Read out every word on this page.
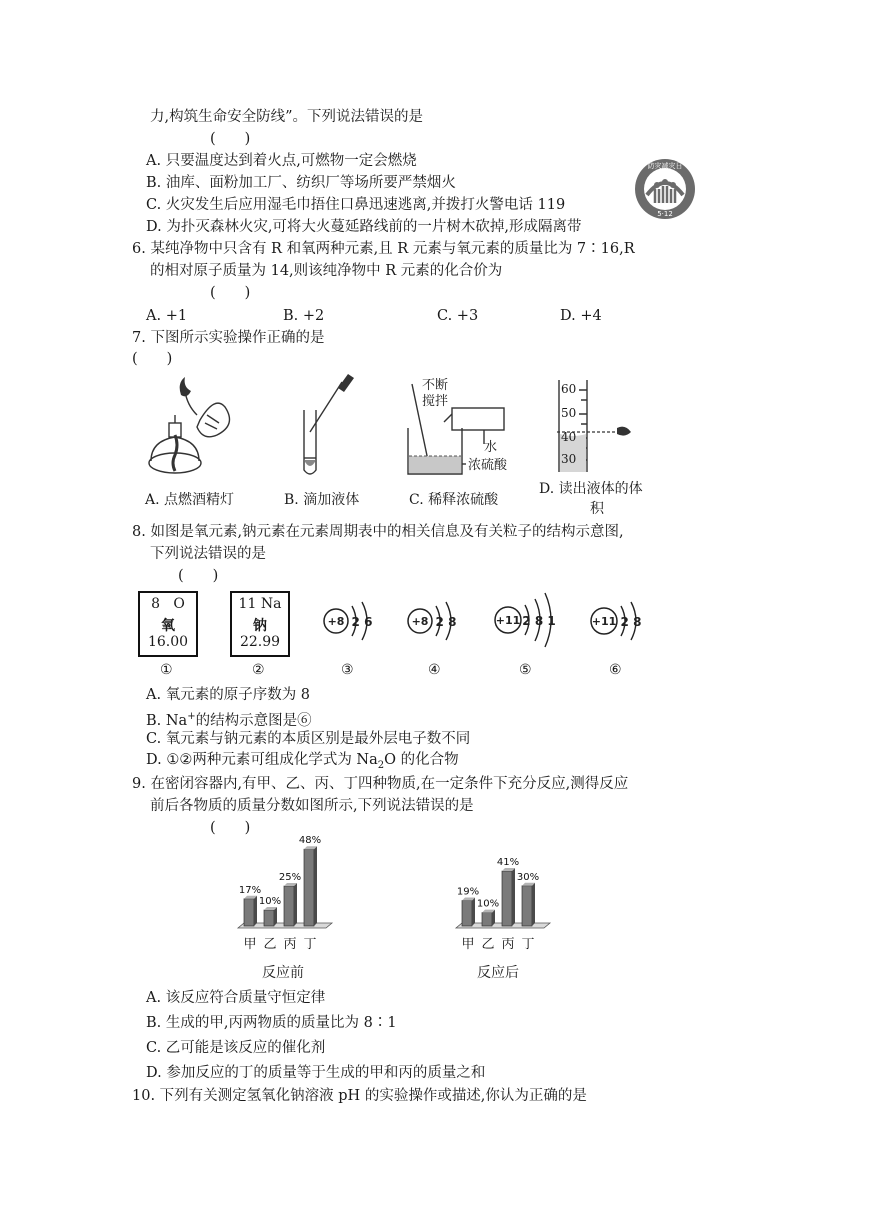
力,构筑生命安全防线”。下列说法错误的是
(　　)
A. 只要温度达到着火点,可燃物一定会燃烧
B. 油库、面粉加工厂、纺织厂等场所要严禁烟火
C. 火灾发生后应用湿毛巾捂住口鼻迅速逃离,并拨打火警电话 119
D. 为扑灭森林火灾,可将大火蔓延路线前的一片树木砍掉,形成隔离带
防灾减灾日
5·12
6. 某纯净物中只含有 R 和氧两种元素,且 R 元素与氧元素的质量比为 7∶16,R
的相对原子质量为 14,则该纯净物中 R 元素的化合价为
(　　)
A. +1	B. +2	C. +3	D. +4
7. 下图所示实验操作正确的是
(　　)
A. 点燃酒精灯	B. 滴加液体
不断
搅拌
水
浓硫酸
C. 稀释浓硫酸
60
50
40
30
D. 读出液体的体
积
8. 如图是氧元素,钠元素在元素周期表中的相关信息及有关粒子的结构示意图,
下列说法错误的是
(　　)
8 O
氧
16.00
11 Na
钠
22.99
+8 2 6	+8 2 8	+11 2 8 1	+11 2 8
①	②	③	④	⑤	⑥
A. 氧元素的原子序数为 8
B. Na+的结构示意图是⑥
C. 氧元素与钠元素的本质区别是最外层电子数不同
D. ①②两种元素可组成化学式为 $Na_2O$ 的化合物
9. 在密闭容器内,有甲、乙、丙、丁四种物质,在一定条件下充分反应,测得反应
前后各物质的质量分数如图所示,下列说法错误的是
(　　)
17%
甲
10%
乙
25%
丙
48%
丁
反应前
19%
甲
10%
乙
41%
丙
30%
丁
反应后
A. 该反应符合质量守恒定律
B. 生成的甲,丙两物质的质量比为 8∶1
C. 乙可能是该反应的催化剂
D. 参加反应的丁的质量等于生成的甲和丙的质量之和
10. 下列有关测定氢氧化钠溶液 pH 的实验操作或描述,你认为正确的是
